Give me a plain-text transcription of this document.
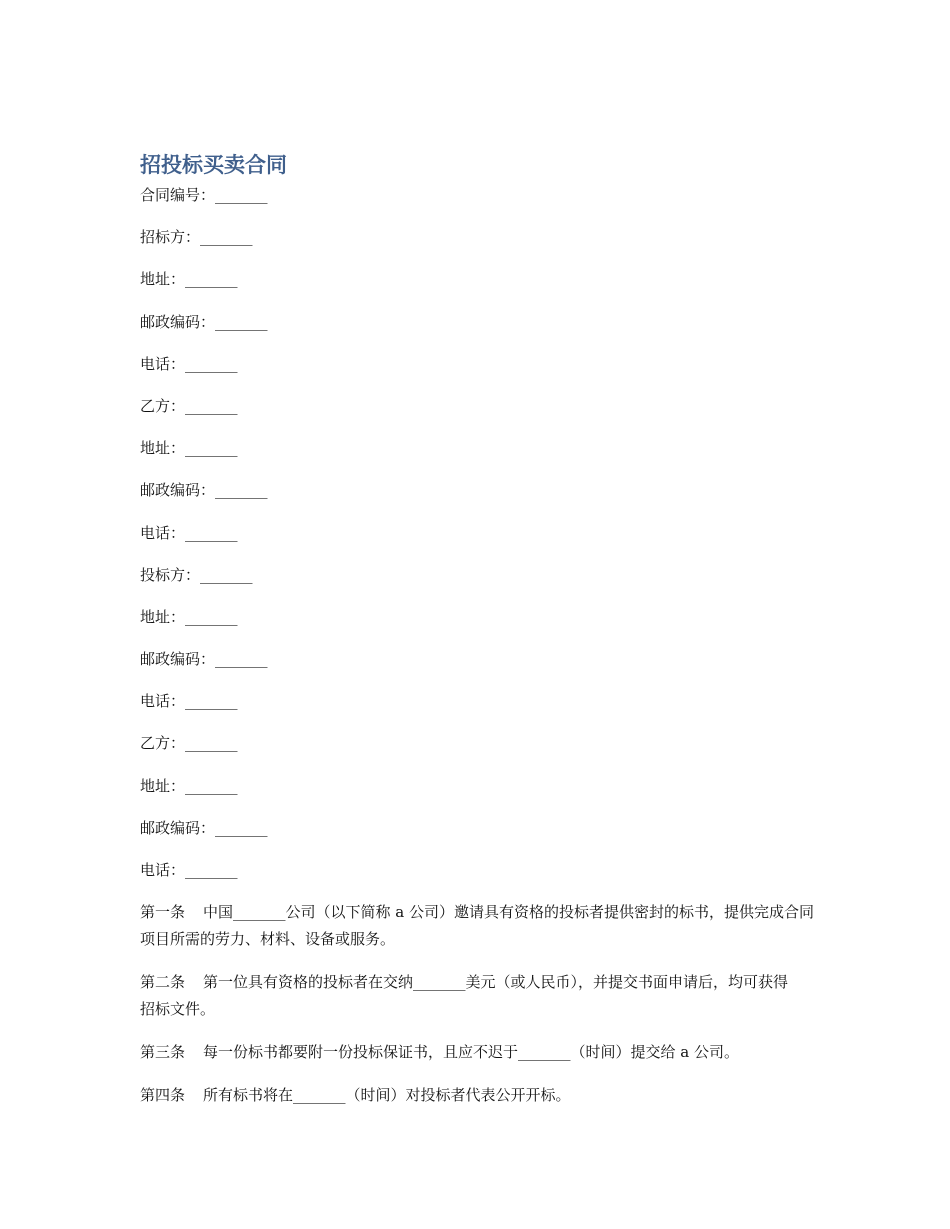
招投标买卖合同
合同编号：_______
招标方：_______
地址：_______
邮政编码：_______
电话：_______
乙方：_______
地址：_______
邮政编码：_______
电话：_______
投标方：_______
地址：_______
邮政编码：_______
电话：_______
乙方：_______
地址：_______
邮政编码：_______
电话：_______
第一条 中国_______公司（以下简称 a 公司）邀请具有资格的投标者提供密封的标书，提供完成合同项目所需的劳力、材料、设备或服务。
第二条 第一位具有资格的投标者在交纳_______美元（或人民币），并提交书面申请后，均可获得招标文件。
第三条 每一份标书都要附一份投标保证书，且应不迟于_______（时间）提交给 a 公司。
第四条 所有标书将在_______（时间）对投标者代表公开开标。
